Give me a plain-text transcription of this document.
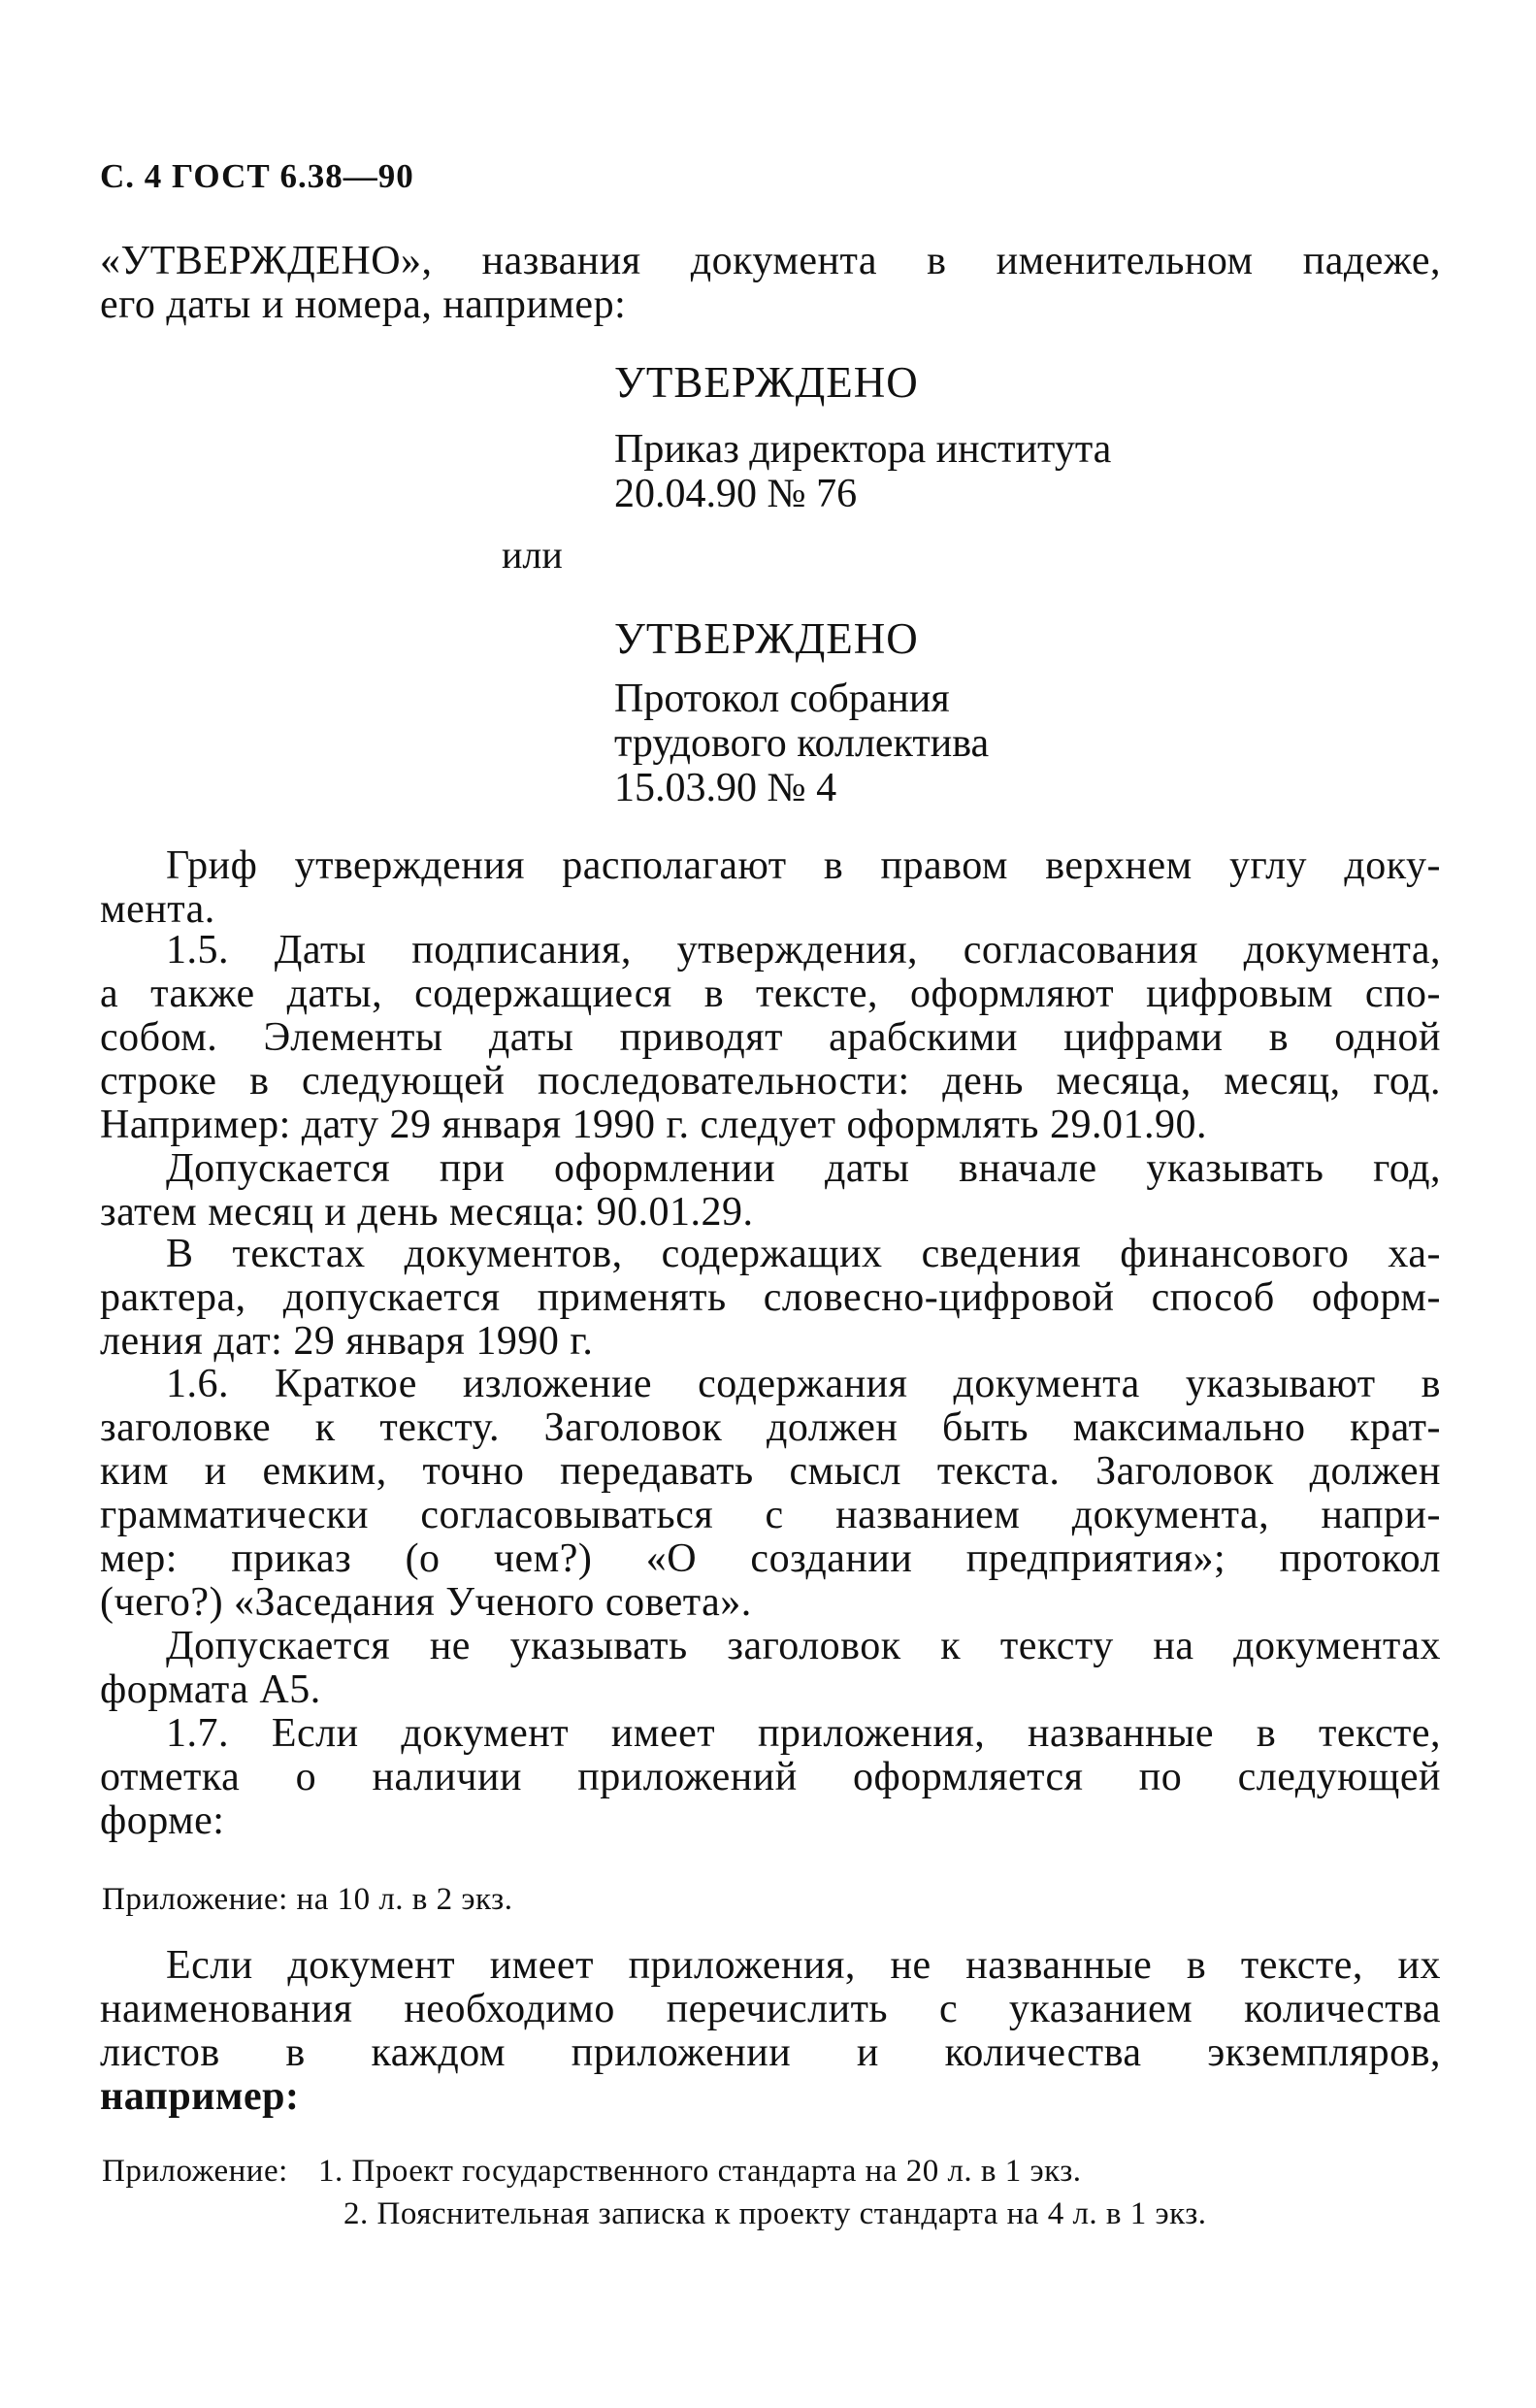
С. 4 ГОСТ 6.38—90
«УТВЕРЖДЕНО», названия документа в именительном падеже,
его даты и номера, например:
УТВЕРЖДЕНО
Приказ директора института
20.04.90 № 76
или
УТВЕРЖДЕНО
Протокол собрания
трудового коллектива
15.03.90 № 4
Гриф утверждения располагают в правом верхнем углу доку-
мента.
1.5. Даты подписания, утверждения, согласования документа,
а также даты, содержащиеся в тексте, оформляют цифровым спо-
собом. Элементы даты приводят арабскими цифрами в одной
строке в следующей последовательности: день месяца, месяц, год.
Например: дату 29 января 1990 г. следует оформлять 29.01.90.
Допускается при оформлении даты вначале указывать год,
затем месяц и день месяца: 90.01.29.
В текстах документов, содержащих сведения финансового ха-
рактера, допускается применять словесно-цифровой способ оформ-
ления дат: 29 января 1990 г.
1.6. Краткое изложение содержания документа указывают в
заголовке к тексту. Заголовок должен быть максимально крат-
ким и емким, точно передавать смысл текста. Заголовок должен
грамматически согласовываться с названием документа, напри-
мер: приказ (о чем?) «О создании предприятия»; протокол
(чего?) «Заседания Ученого совета».
Допускается не указывать заголовок к тексту на документах
формата А5.
1.7. Если документ имеет приложения, названные в тексте,
отметка о наличии приложений оформляется по следующей
форме:
Приложение: на 10 л. в 2 экз.
Если документ имеет приложения, не названные в тексте, их
наименования необходимо перечислить с указанием количества
листов в каждом приложении и количества экземпляров,
например:
Приложение: 1. Проект государственного стандарта на 20 л. в 1 экз.
2. Пояснительная записка к проекту стандарта на 4 л. в 1 экз.
